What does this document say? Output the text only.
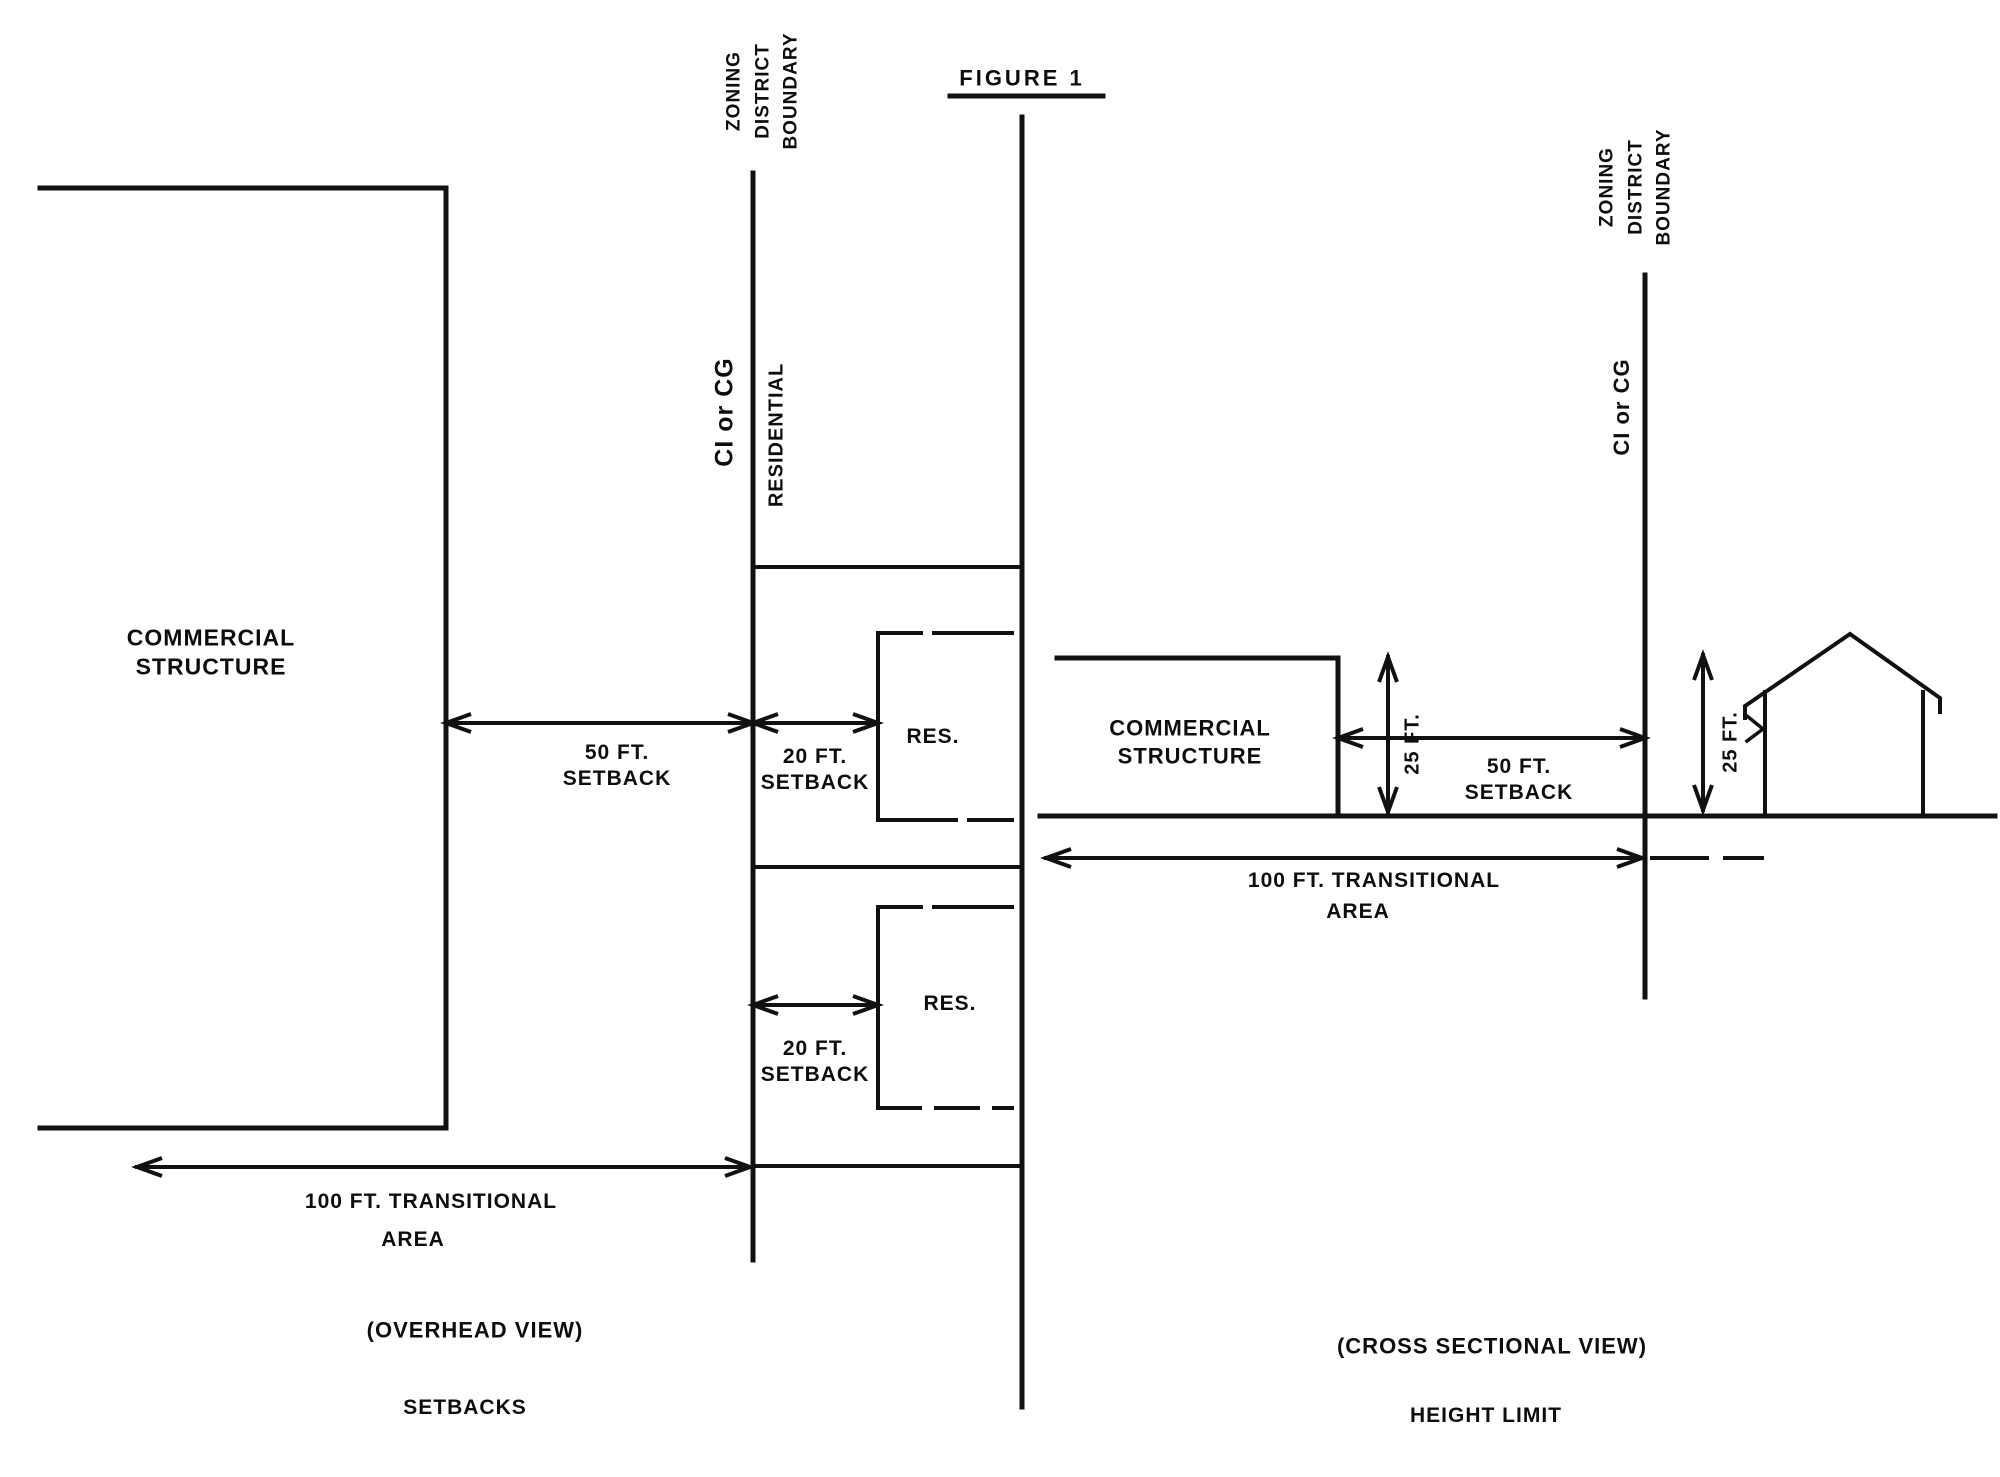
FIGURE 1
COMMERCIAL
STRUCTURE
50 FT.
SETBACK
20 FT.
SETBACK
RES.
20 FT.
SETBACK
RES.
ZONING DISTRICT BOUNDARY
CI or CG RESIDENTIAL
100 FT. TRANSITIONAL
AREA
(OVERHEAD VIEW)
SETBACKS
COMMERCIAL
STRUCTURE	25 FT.	50 FT.
SETBACK
ZONING DISTRICT BOUNDARY
CI or CG
25 FT.
100 FT. TRANSITIONAL
AREA
(CROSS SECTIONAL VIEW)
HEIGHT LIMIT
